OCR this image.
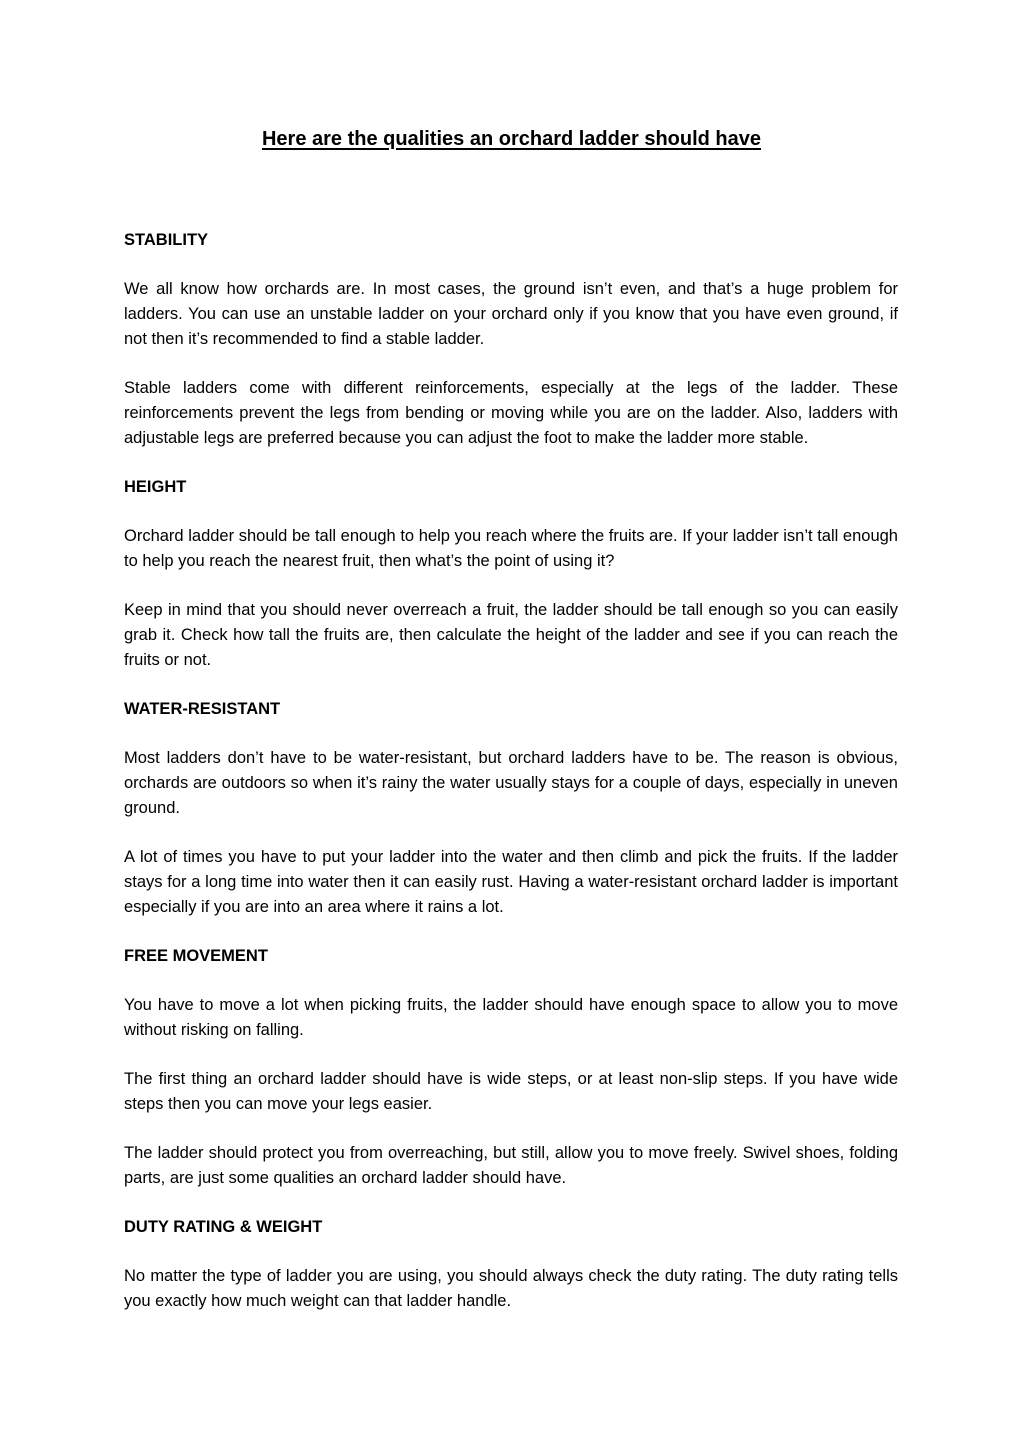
Here are the qualities an orchard ladder should have

STABILITY

We all know how orchards are. In most cases, the ground isn’t even, and that’s a huge problem for ladders. You can use an unstable ladder on your orchard only if you know that you have even ground, if not then it’s recommended to find a stable ladder.

Stable ladders come with different reinforcements, especially at the legs of the ladder. These reinforcements prevent the legs from bending or moving while you are on the ladder. Also, ladders with adjustable legs are preferred because you can adjust the foot to make the ladder more stable.

HEIGHT

Orchard ladder should be tall enough to help you reach where the fruits are. If your ladder isn’t tall enough to help you reach the nearest fruit, then what’s the point of using it?

Keep in mind that you should never overreach a fruit, the ladder should be tall enough so you can easily grab it. Check how tall the fruits are, then calculate the height of the ladder and see if you can reach the fruits or not.

WATER-RESISTANT

Most ladders don’t have to be water-resistant, but orchard ladders have to be. The reason is obvious, orchards are outdoors so when it’s rainy the water usually stays for a couple of days, especially in uneven ground.

A lot of times you have to put your ladder into the water and then climb and pick the fruits. If the ladder stays for a long time into water then it can easily rust. Having a water-resistant orchard ladder is important especially if you are into an area where it rains a lot.

FREE MOVEMENT

You have to move a lot when picking fruits, the ladder should have enough space to allow you to move without risking on falling.

The first thing an orchard ladder should have is wide steps, or at least non-slip steps. If you have wide steps then you can move your legs easier.

The ladder should protect you from overreaching, but still, allow you to move freely. Swivel shoes, folding parts, are just some qualities an orchard ladder should have.

DUTY RATING & WEIGHT

No matter the type of ladder you are using, you should always check the duty rating. The duty rating tells you exactly how much weight can that ladder handle.
